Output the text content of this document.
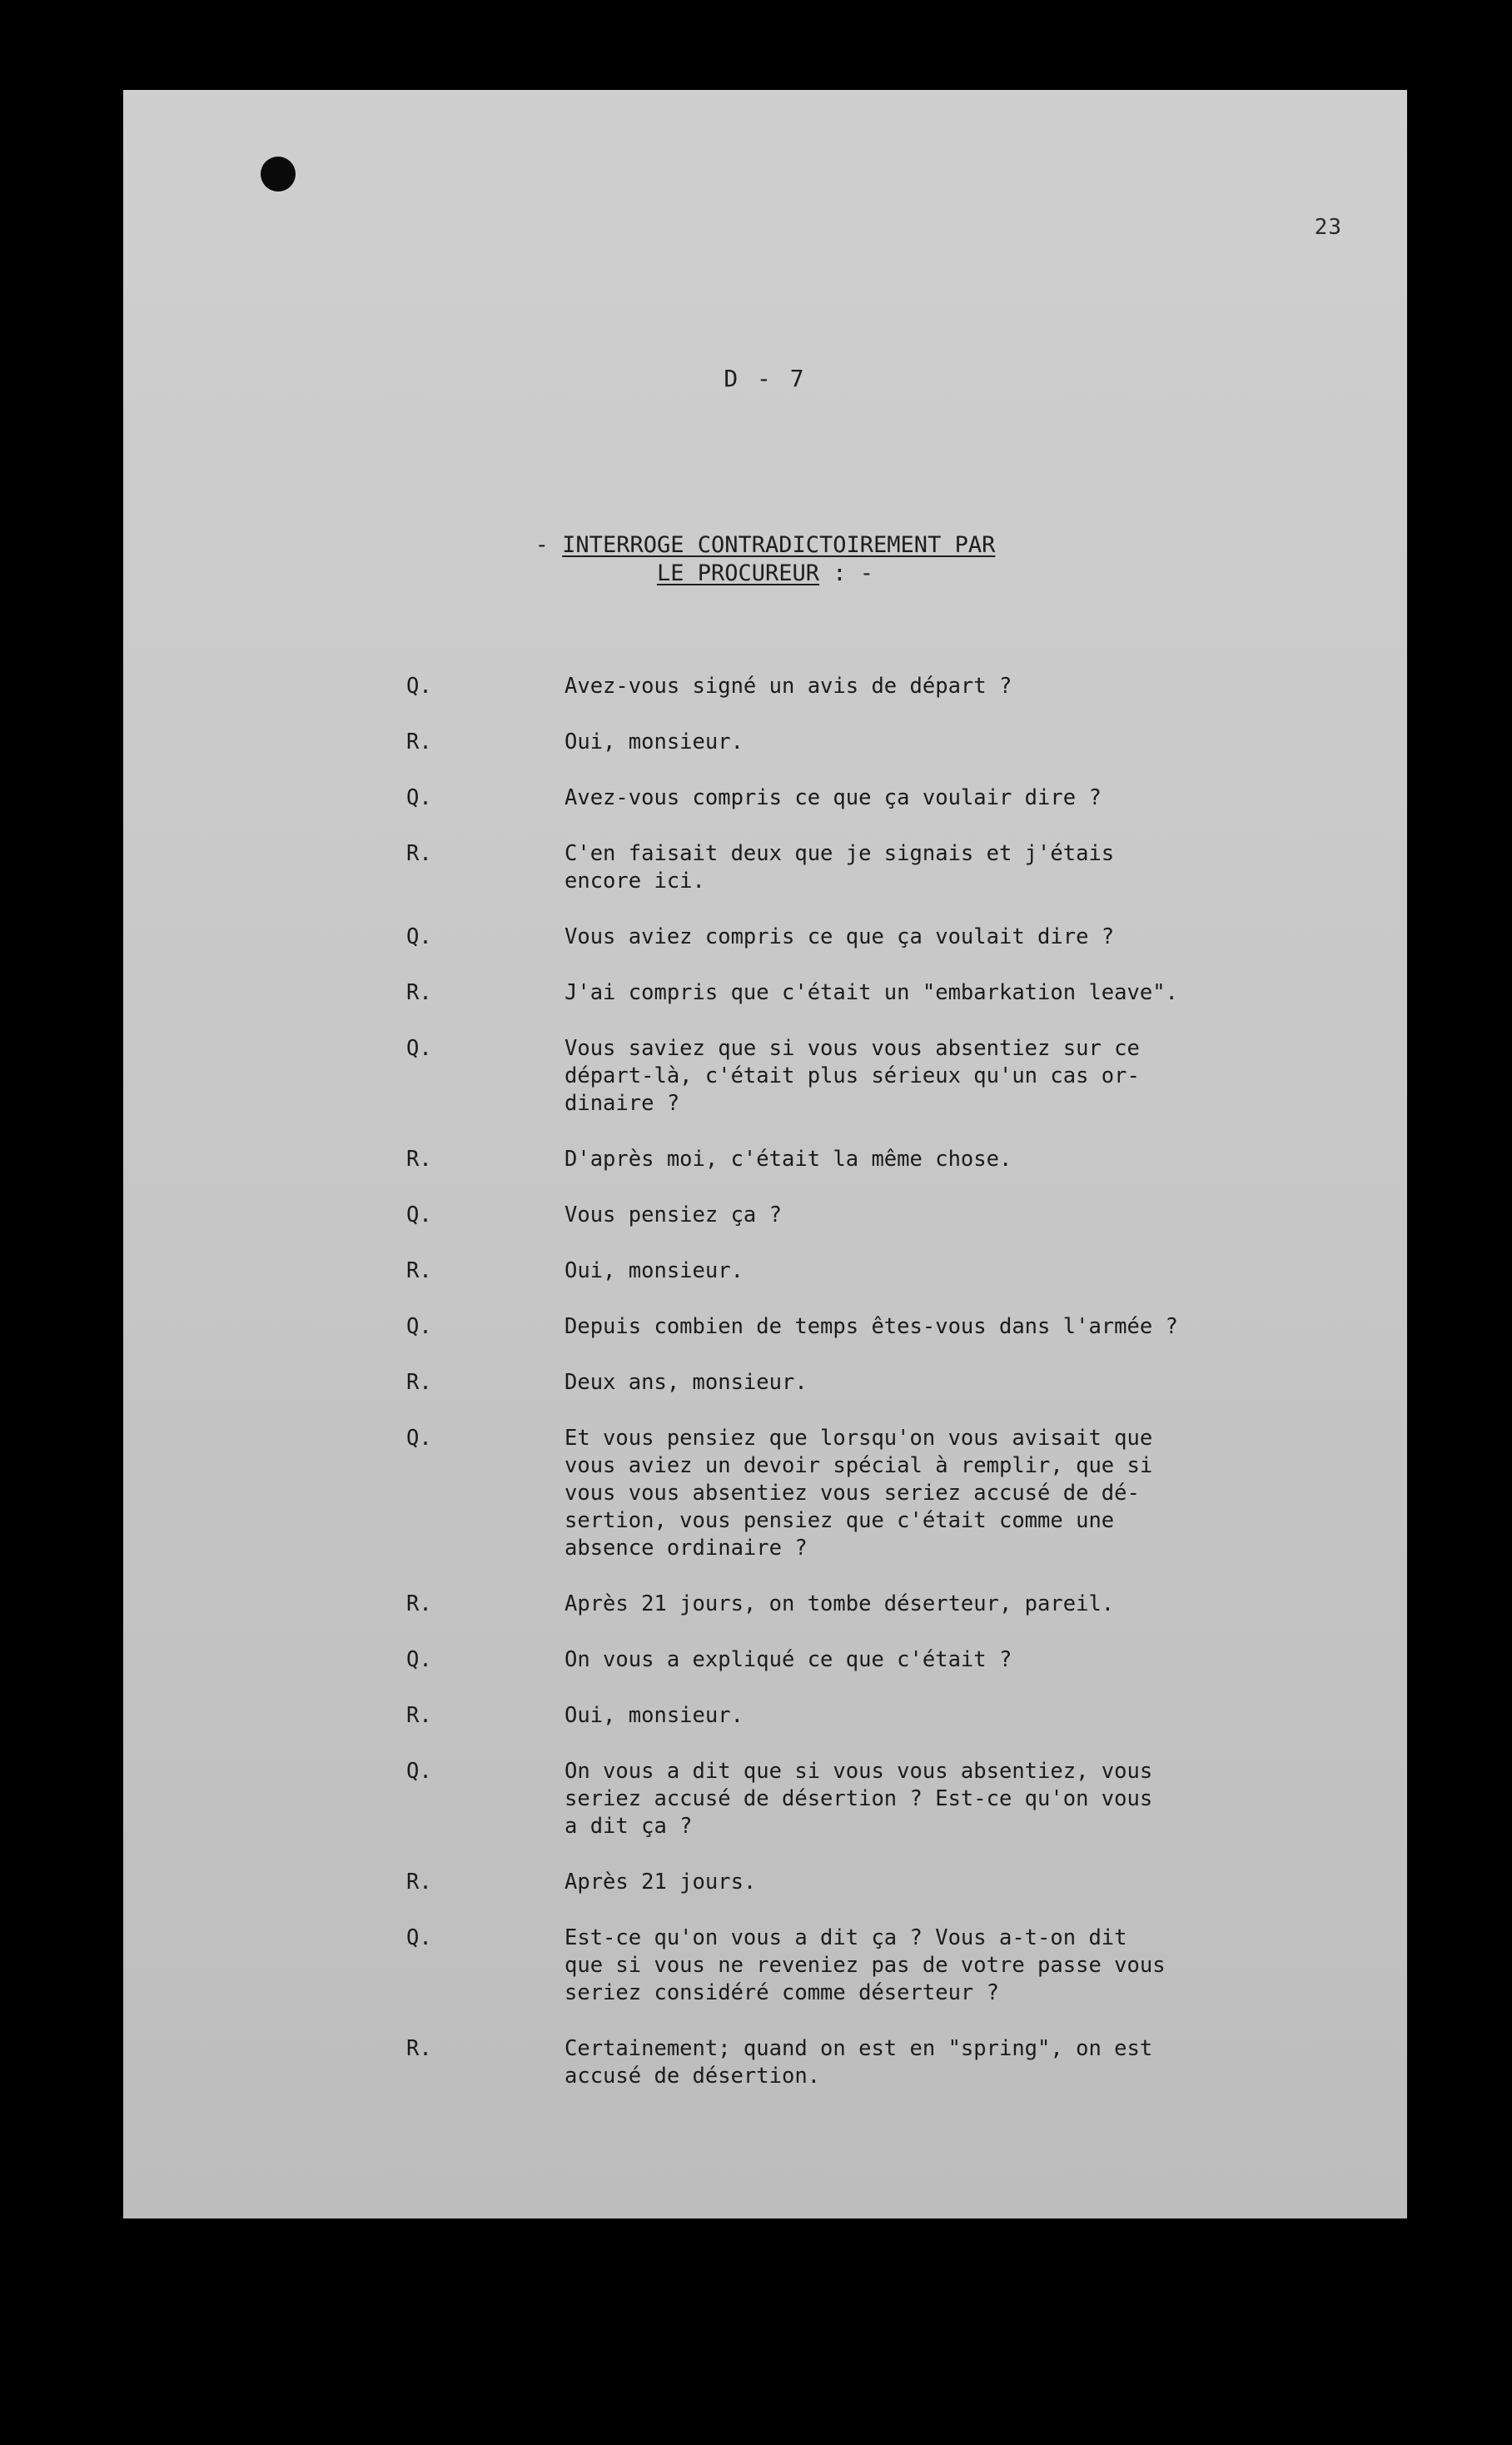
23
D - 7
- INTERROGE CONTRADICTOIREMENT PAR
LE PROCUREUR : -
Q.	Avez-vous signé un avis de départ ?
R.	Oui, monsieur.
Q.	Avez-vous compris ce que ça voulair dire ?
R.	C'en faisait deux que je signais et j'étais
encore ici.
Q.	Vous aviez compris ce que ça voulait dire ?
R.	J'ai compris que c'était un "embarkation leave".
Q.	Vous saviez que si vous vous absentiez sur ce
départ-là, c'était plus sérieux qu'un cas or-
dinaire ?
R.	D'après moi, c'était la même chose.
Q.	Vous pensiez ça ?
R.	Oui, monsieur.
Q.	Depuis combien de temps êtes-vous dans l'armée ?
R.	Deux ans, monsieur.
Q.	Et vous pensiez que lorsqu'on vous avisait que
vous aviez un devoir spécial à remplir, que si
vous vous absentiez vous seriez accusé de dé-
sertion, vous pensiez que c'était comme une
absence ordinaire ?
R.	Après 21 jours, on tombe déserteur, pareil.
Q.	On vous a expliqué ce que c'était ?
R.	Oui, monsieur.
Q.	On vous a dit que si vous vous absentiez, vous
seriez accusé de désertion ? Est-ce qu'on vous
a dit ça ?
R.	Après 21 jours.
Q.	Est-ce qu'on vous a dit ça ? Vous a-t-on dit
que si vous ne reveniez pas de votre passe vous
seriez considéré comme déserteur ?
R.	Certainement; quand on est en "spring", on est
accusé de désertion.
